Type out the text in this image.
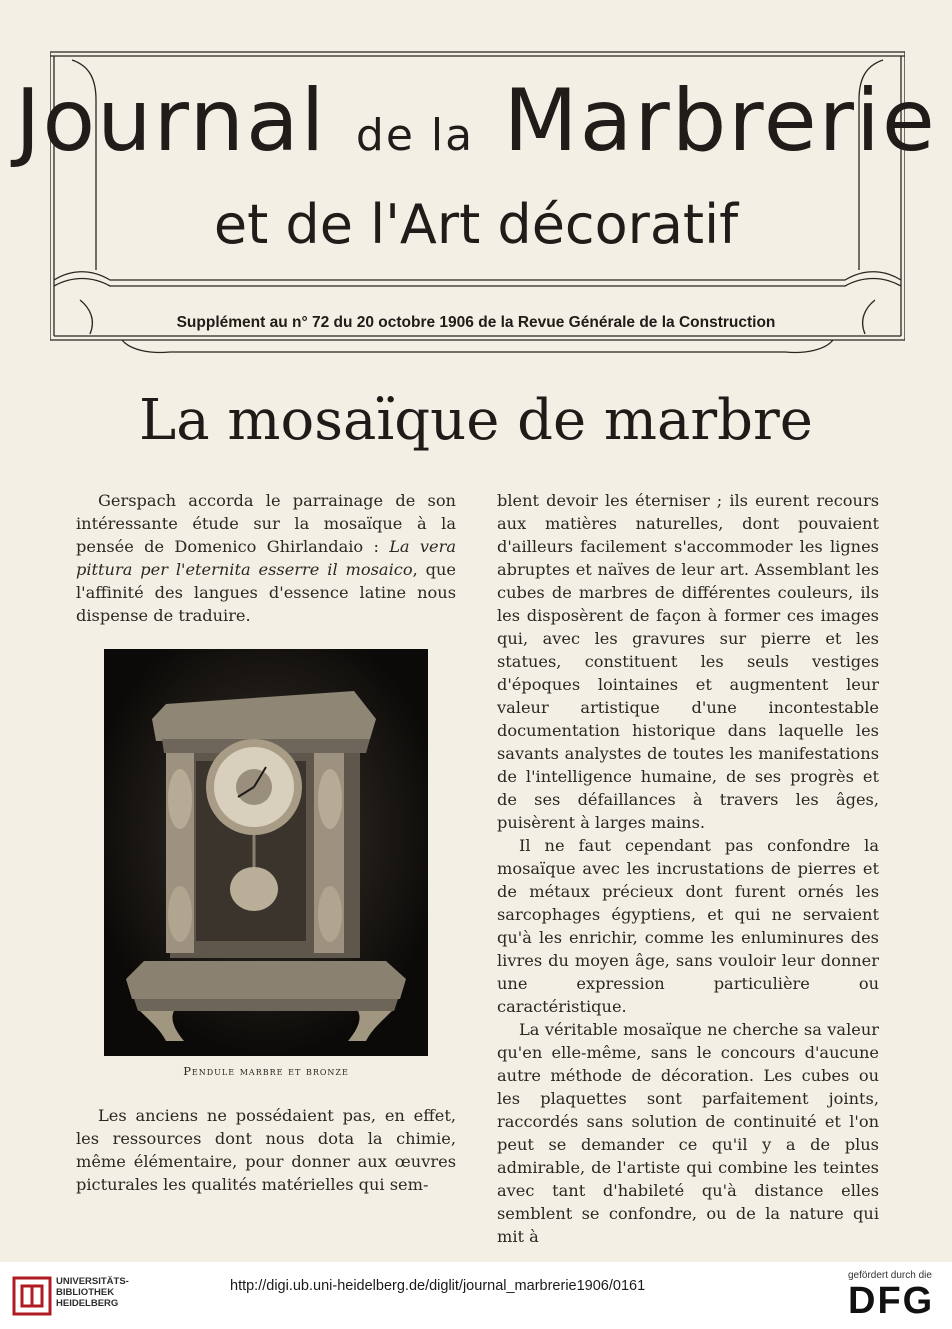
Journal de la Marbrerie
et de l'Art décoratif
Supplément au n° 72 du 20 octobre 1906 de la Revue Générale de la Construction
La mosaïque de marbre

Gerspach accorda le parrainage de son intéressante étude sur la mosaïque à la pensée de Domenico Ghirlandaio : La vera pittura per l'eternita esserre il mosaico, que l'affinité des langues d'essence latine nous dispense de traduire.

Pendule marbre et bronze

Les anciens ne possédaient pas, en effet, les ressources dont nous dota la chimie, même élémentaire, pour donner aux œuvres picturales les qualités matérielles qui sem-

blent devoir les éterniser ; ils eurent recours aux matières naturelles, dont pouvaient d'ailleurs facilement s'accommoder les lignes abruptes et naïves de leur art. Assemblant les cubes de marbres de différentes couleurs, ils les disposèrent de façon à former ces images qui, avec les gravures sur pierre et les statues, constituent les seuls vestiges d'époques lointaines et augmentent leur valeur artistique d'une incontestable documentation historique dans laquelle les savants analystes de toutes les manifestations de l'intelligence humaine, de ses progrès et de ses défaillances à travers les âges, puisèrent à larges mains.

Il ne faut cependant pas confondre la mosaïque avec les incrustations de pierres et de métaux précieux dont furent ornés les sarcophages égyptiens, et qui ne servaient qu'à les enrichir, comme les enluminures des livres du moyen âge, sans vouloir leur donner une expression particulière ou caractéristique.

La véritable mosaïque ne cherche sa valeur qu'en elle-même, sans le concours d'aucune autre méthode de décoration. Les cubes ou les plaquettes sont parfaitement joints, raccordés sans solution de continuité et l'on peut se demander ce qu'il y a de plus admirable, de l'artiste qui combine les teintes avec tant d'habileté qu'à distance elles semblent se confondre, ou de la nature qui mit à

UNIVERSITÄTS-
BIBLIOTHEK
HEIDELBERG
http://digi.ub.uni-heidelberg.de/diglit/journal_marbrerie1906/0161
gefördert durch die
DFG
